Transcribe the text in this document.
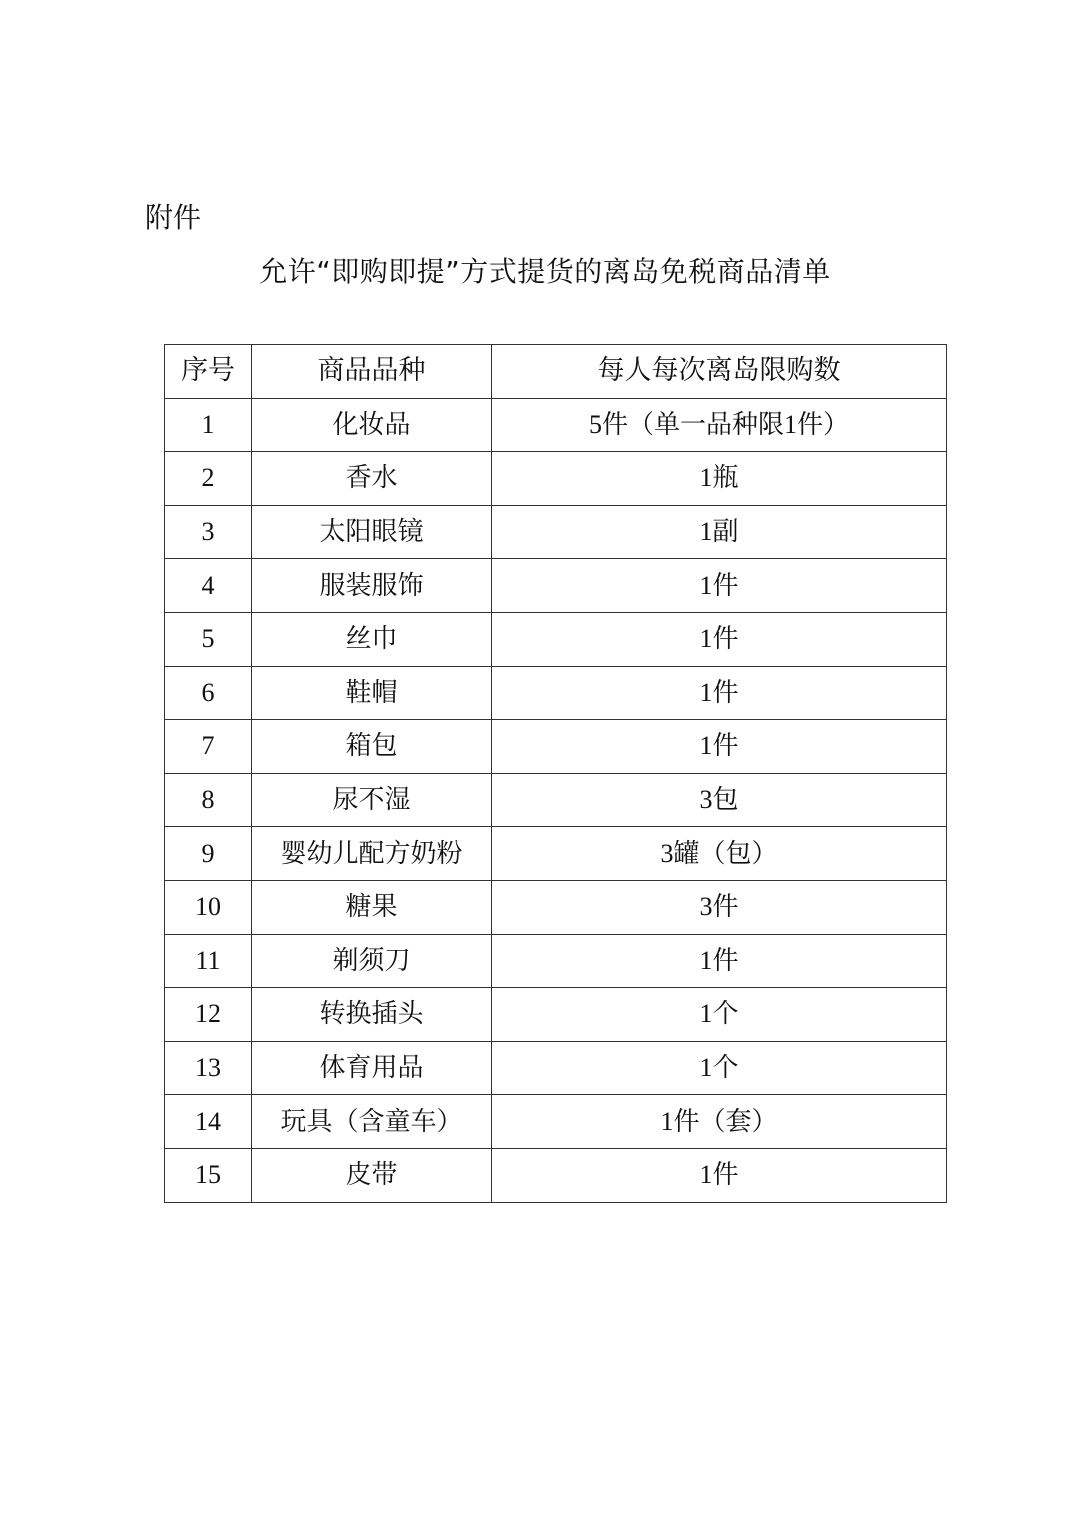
附件
允许“即购即提”方式提货的离岛免税商品清单
序号	商品品种	每人每次离岛限购数
1	化妆品	5件（单一品种限1件）
2	香水	1瓶
3	太阳眼镜	1副
4	服装服饰	1件
5	丝巾	1件
6	鞋帽	1件
7	箱包	1件
8	尿不湿	3包
9	婴幼儿配方奶粉	3罐（包）
10	糖果	3件
11	剃须刀	1件
12	转换插头	1个
13	体育用品	1个
14	玩具（含童车）	1件（套）
15	皮带	1件
